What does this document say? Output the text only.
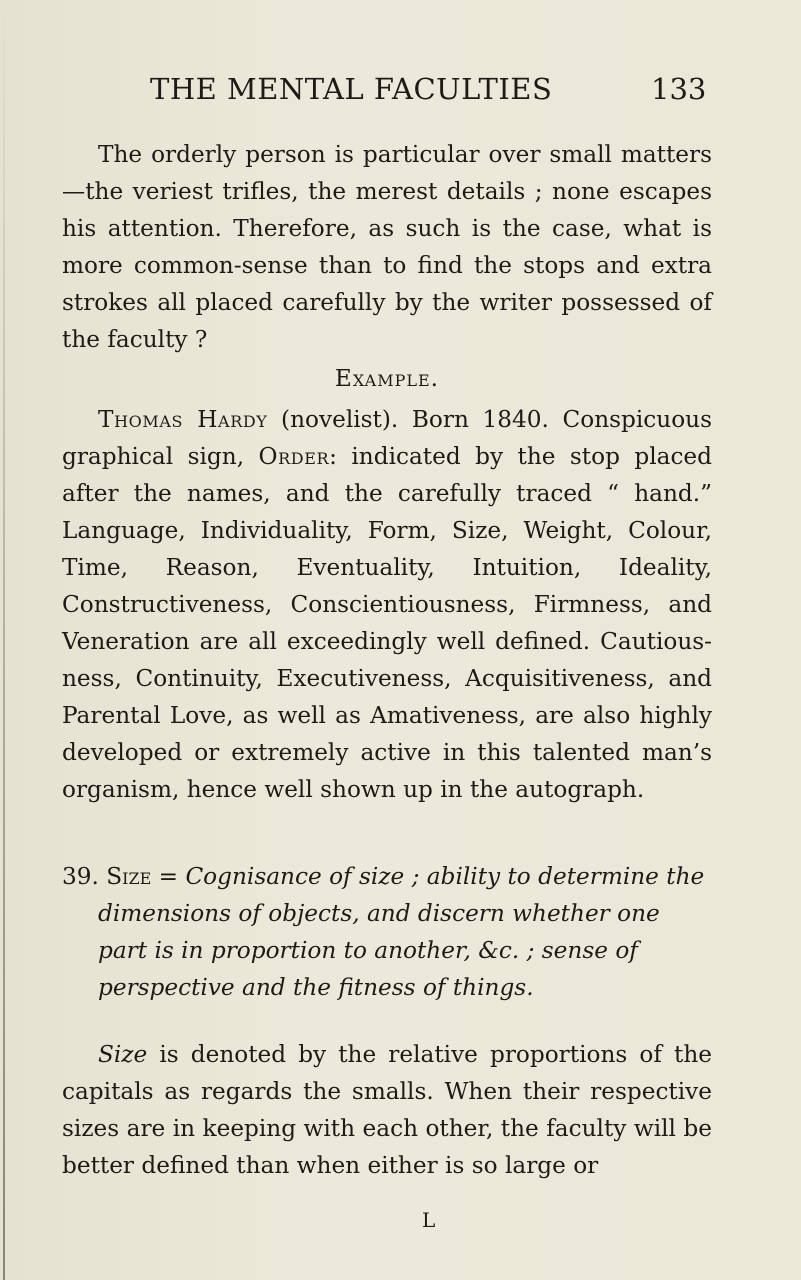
THE MENTAL FACULTIES	133

The orderly person is particular over small matters —the veriest trifles, the merest details ; none escapes his attention. Therefore, as such is the case, what is more common-sense than to find the stops and extra strokes all placed carefully by the writer possessed of the faculty ?

Example.

Thomas Hardy (novelist). Born 1840. Conspicuous graphical sign, Order: indicated by the stop placed after the names, and the carefully traced “ hand.” Language, Individuality, Form, Size, Weight, Colour, Time, Reason, Eventuality, Intuition, Ideality, Constructiveness, Conscientiousness, Firmness, and Veneration are all exceedingly well defined. Cautiousness, Continuity, Executiveness, Acquisitiveness, and Parental Love, as well as Amativeness, are also highly developed or extremely active in this talented man’s organism, hence well shown up in the autograph.

39. Size = Cognisance of size ; ability to determine the dimensions of objects, and discern whether one part is in proportion to another, &c. ; sense of perspective and the fitness of things.

Size is denoted by the relative proportions of the capitals as regards the smalls. When their respective sizes are in keeping with each other, the faculty will be better defined than when either is so large or

L
